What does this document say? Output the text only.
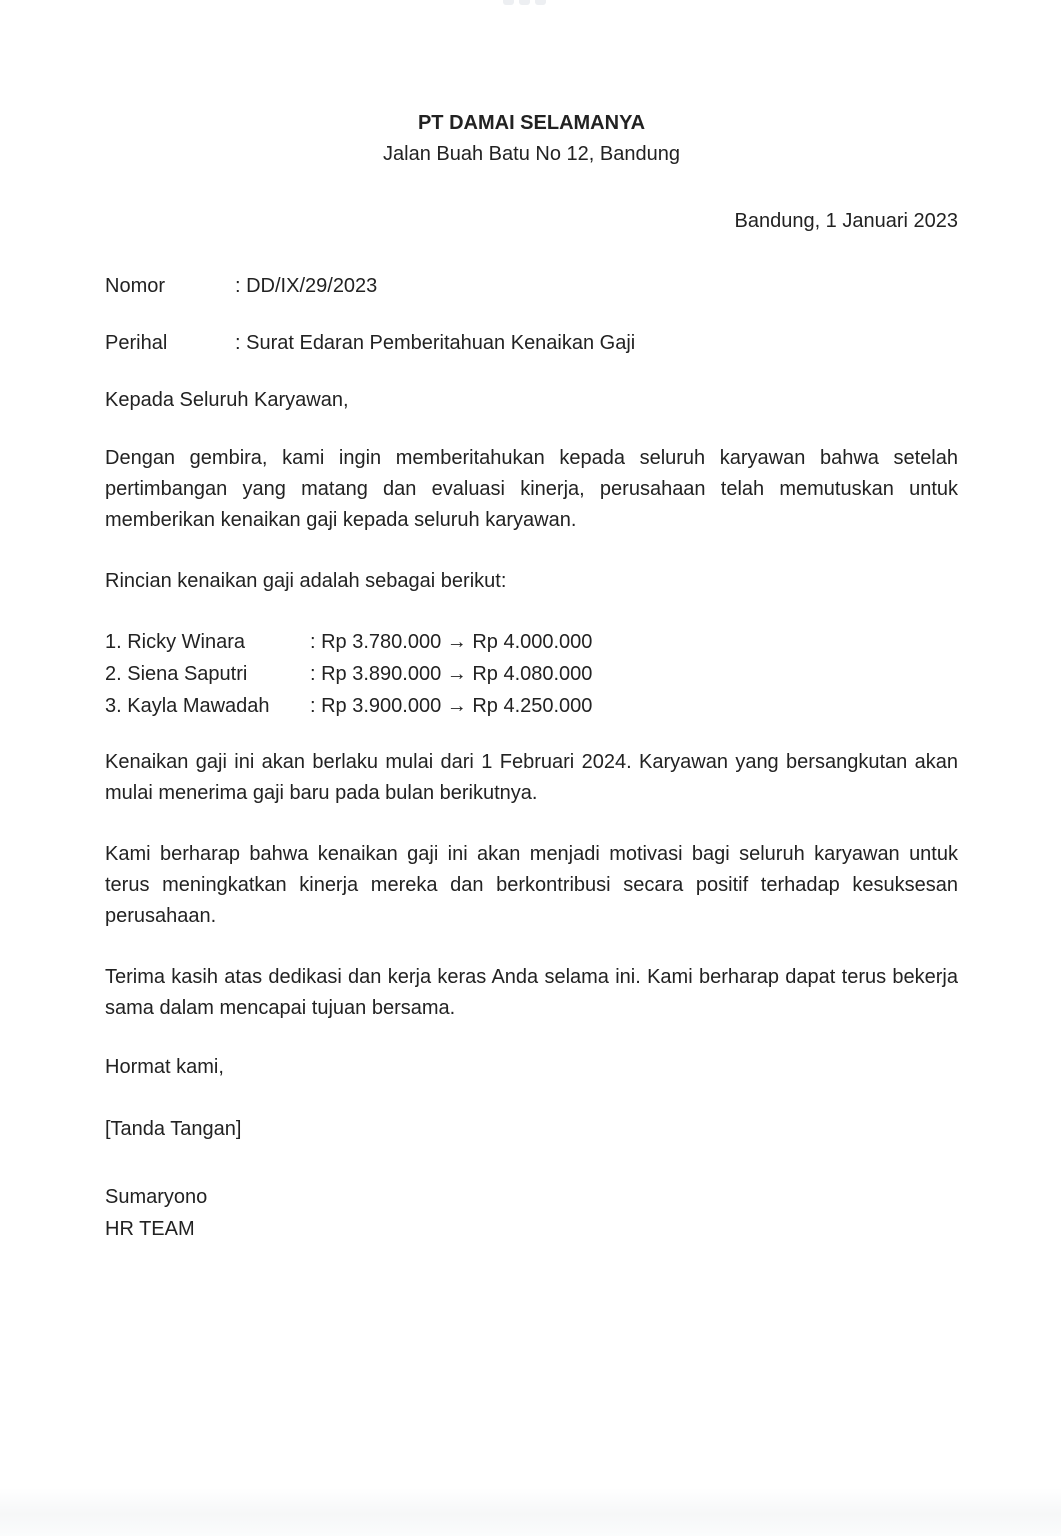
PT DAMAI SELAMANYA

Jalan Buah Batu No 12, Bandung

Bandung, 1 Januari 2023
Nomor	: DD/IX/29/2023
Perihal	: Surat Edaran Pemberitahuan Kenaikan Gaji
Kepada Seluruh Karyawan,

Dengan gembira, kami ingin memberitahukan kepada seluruh karyawan bahwa setelah pertimbangan yang matang dan evaluasi kinerja, perusahaan telah memutuskan untuk memberikan kenaikan gaji kepada seluruh karyawan.

Rincian kenaikan gaji adalah sebagai berikut:

1. Ricky Winara	: Rp 3.780.000 → Rp 4.000.000
2. Siena Saputri	: Rp 3.890.000 → Rp 4.080.000
3. Kayla Mawadah : Rp 3.900.000 → Rp 4.250.000

Kenaikan gaji ini akan berlaku mulai dari 1 Februari 2024. Karyawan yang bersangkutan akan mulai menerima gaji baru pada bulan berikutnya.

Kami berharap bahwa kenaikan gaji ini akan menjadi motivasi bagi seluruh karyawan untuk terus meningkatkan kinerja mereka dan berkontribusi secara positif terhadap kesuksesan perusahaan.

Terima kasih atas dedikasi dan kerja keras Anda selama ini. Kami berharap dapat terus bekerja sama dalam mencapai tujuan bersama.

Hormat kami,

[Tanda Tangan]

Sumaryono

HR TEAM
